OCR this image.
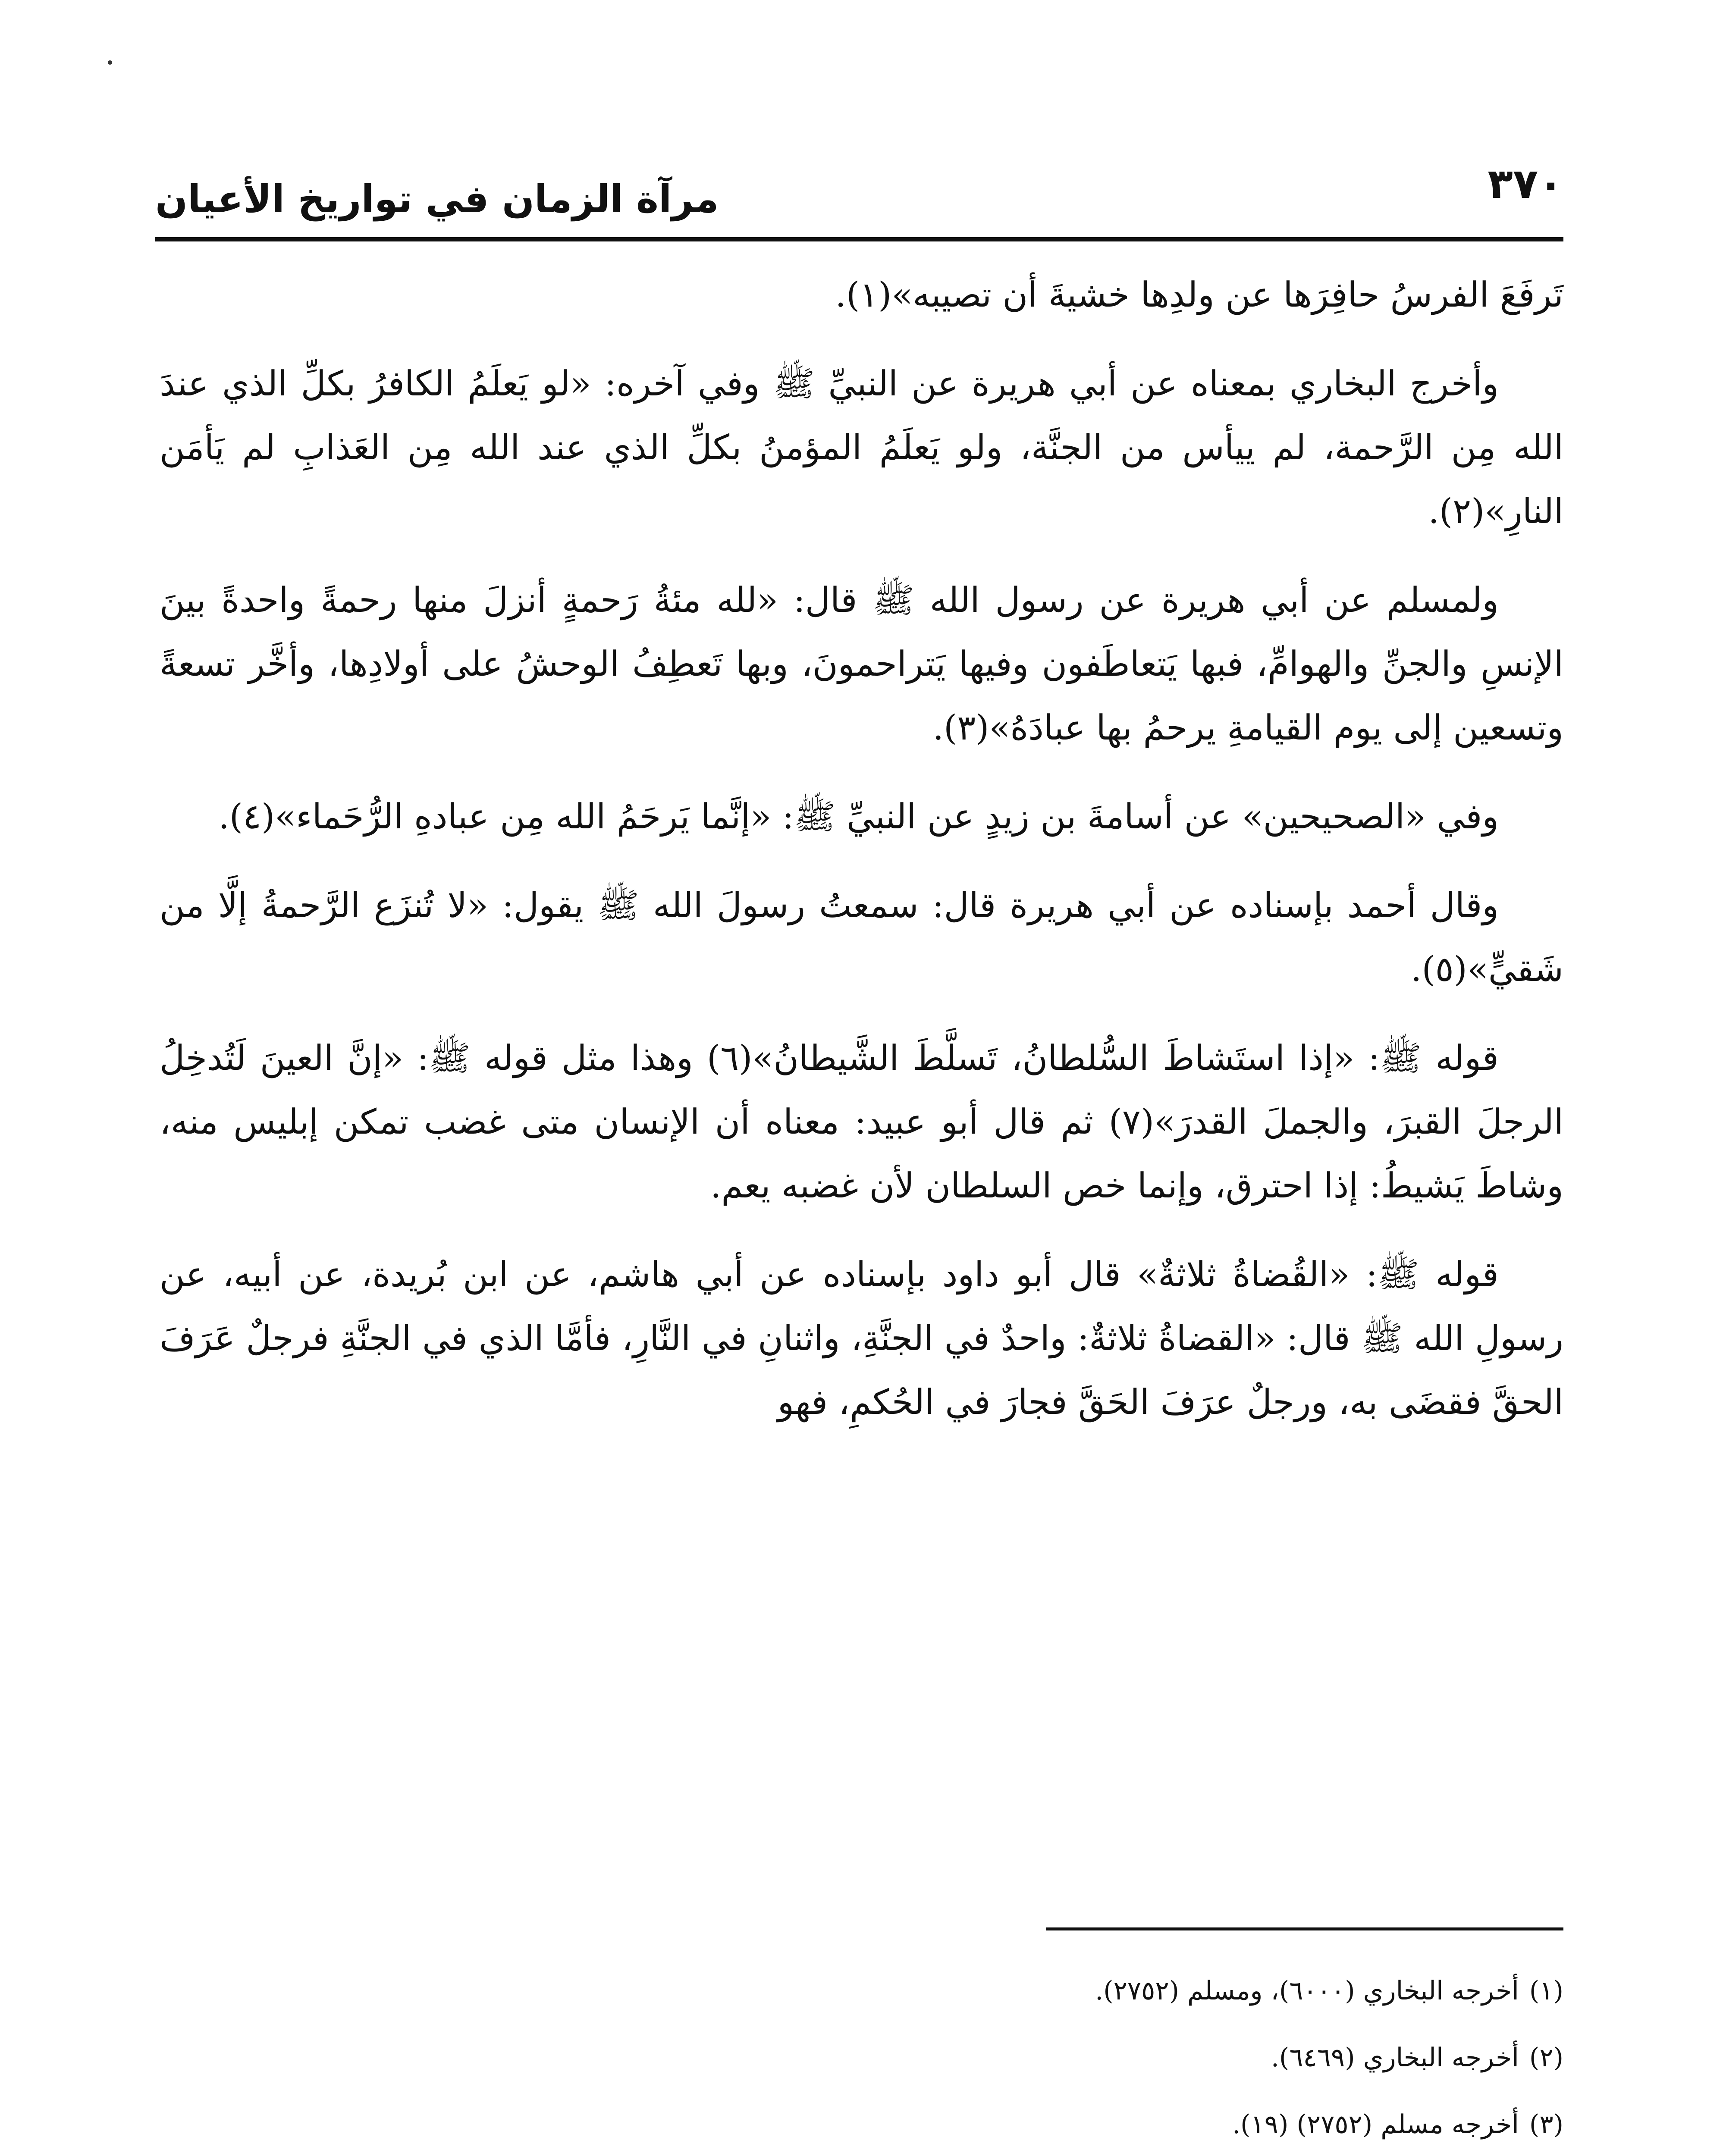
٣٧٠
مرآة الزمان في تواريخ الأعيان

تَرفَعَ الفرسُ حافِرَها عن ولدِها خشيةَ أن تصيبه»(١).

وأخرج البخاري بمعناه عن أبي هريرة عن النبيِّ ﷺ وفي آخره: «لو يَعلَمُ الكافرُ بكلِّ الذي عندَ الله مِن الرَّحمة، لم ييأس من الجنَّة، ولو يَعلَمُ المؤمنُ بكلِّ الذي عند الله مِن العَذابِ لم يَأمَن النارِ»(٢).

ولمسلم عن أبي هريرة عن رسول الله ﷺ قال: «لله مئةُ رَحمةٍ أنزلَ منها رحمةً واحدةً بينَ الإنسِ والجنِّ والهوامِّ، فبها يَتعاطَفون وفيها يَتراحمونَ، وبها تَعطِفُ الوحشُ على أولادِها، وأخَّر تسعةً وتسعين إلى يوم القيامةِ يرحمُ بها عبادَهُ»(٣).

وفي «الصحيحين» عن أسامةَ بن زيدٍ عن النبيِّ ﷺ: «إنَّما يَرحَمُ الله مِن عبادهِ الرُّحَماء»(٤).

وقال أحمد بإسناده عن أبي هريرة قال: سمعتُ رسولَ الله ﷺ يقول: «لا تُنزَع الرَّحمةُ إلَّا من شَقيٍّ»(٥).

قوله ﷺ: «إذا استَشاطَ السُّلطانُ، تَسلَّطَ الشَّيطانُ»(٦) وهذا مثل قوله ﷺ: «إنَّ العينَ لَتُدخِلُ الرجلَ القبرَ، والجملَ القدرَ»(٧) ثم قال أبو عبيد: معناه أن الإنسان متى غضب تمكن إبليس منه، وشاطَ يَشيطُ: إذا احترق، وإنما خص السلطان لأن غضبه يعم.

قوله ﷺ: «القُضاةُ ثلاثةٌ» قال أبو داود بإسناده عن أبي هاشم، عن ابن بُريدة، عن أبيه، عن رسولِ الله ﷺ قال: «القضاةُ ثلاثةٌ: واحدٌ في الجنَّةِ، واثنانِ في النَّارِ، فأمَّا الذي في الجنَّةِ فرجلٌ عَرَفَ الحقَّ فقضَى به، ورجلٌ عرَفَ الحَقَّ فجارَ في الحُكمِ، فهو

(١)أخرجه البخاري (٦٠٠٠)، ومسلم (٢٧٥٢).

(٢)أخرجه البخاري (٦٤٦٩).

(٣)أخرجه مسلم (٢٧٥٢) (١٩).
